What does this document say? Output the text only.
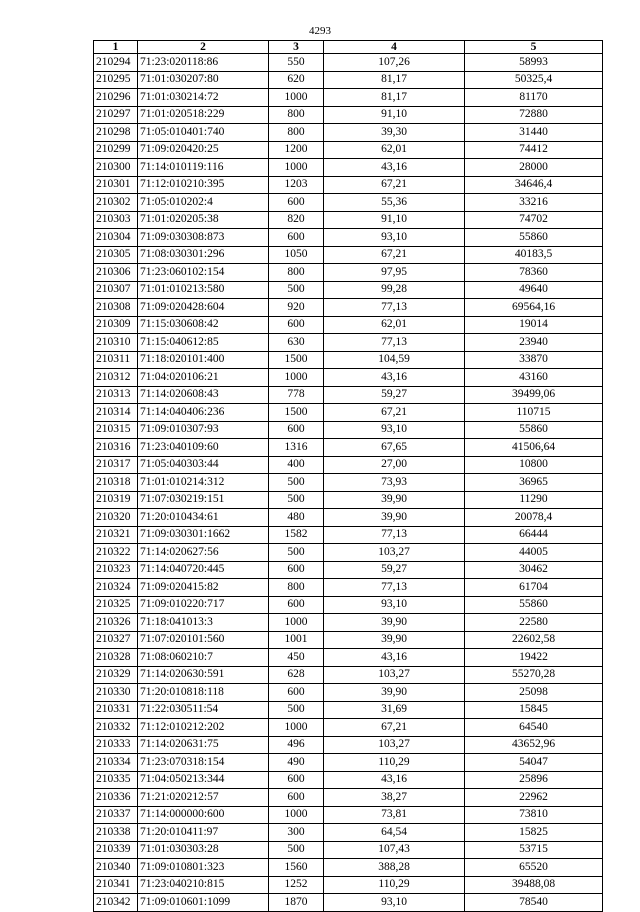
4293
1	2	3	4	5
210294	71:23:020118:86	550	107,26	58993
210295	71:01:030207:80	620	81,17	50325,4
210296	71:01:030214:72	1000	81,17	81170
210297	71:01:020518:229	800	91,10	72880
210298	71:05:010401:740	800	39,30	31440
210299	71:09:020420:25	1200	62,01	74412
210300	71:14:010119:116	1000	43,16	28000
210301	71:12:010210:395	1203	67,21	34646,4
210302	71:05:010202:4	600	55,36	33216
210303	71:01:020205:38	820	91,10	74702
210304	71:09:030308:873	600	93,10	55860
210305	71:08:030301:296	1050	67,21	40183,5
210306	71:23:060102:154	800	97,95	78360
210307	71:01:010213:580	500	99,28	49640
210308	71:09:020428:604	920	77,13	69564,16
210309	71:15:030608:42	600	62,01	19014
210310	71:15:040612:85	630	77,13	23940
210311	71:18:020101:400	1500	104,59	33870
210312	71:04:020106:21	1000	43,16	43160
210313	71:14:020608:43	778	59,27	39499,06
210314	71:14:040406:236	1500	67,21	110715
210315	71:09:010307:93	600	93,10	55860
210316	71:23:040109:60	1316	67,65	41506,64
210317	71:05:040303:44	400	27,00	10800
210318	71:01:010214:312	500	73,93	36965
210319	71:07:030219:151	500	39,90	11290
210320	71:20:010434:61	480	39,90	20078,4
210321	71:09:030301:1662	1582	77,13	66444
210322	71:14:020627:56	500	103,27	44005
210323	71:14:040720:445	600	59,27	30462
210324	71:09:020415:82	800	77,13	61704
210325	71:09:010220:717	600	93,10	55860
210326	71:18:041013:3	1000	39,90	22580
210327	71:07:020101:560	1001	39,90	22602,58
210328	71:08:060210:7	450	43,16	19422
210329	71:14:020630:591	628	103,27	55270,28
210330	71:20:010818:118	600	39,90	25098
210331	71:22:030511:54	500	31,69	15845
210332	71:12:010212:202	1000	67,21	64540
210333	71:14:020631:75	496	103,27	43652,96
210334	71:23:070318:154	490	110,29	54047
210335	71:04:050213:344	600	43,16	25896
210336	71:21:020212:57	600	38,27	22962
210337	71:14:000000:600	1000	73,81	73810
210338	71:20:010411:97	300	64,54	15825
210339	71:01:030303:28	500	107,43	53715
210340	71:09:010801:323	1560	388,28	65520
210341	71:23:040210:815	1252	110,29	39488,08
210342	71:09:010601:1099	1870	93,10	78540
